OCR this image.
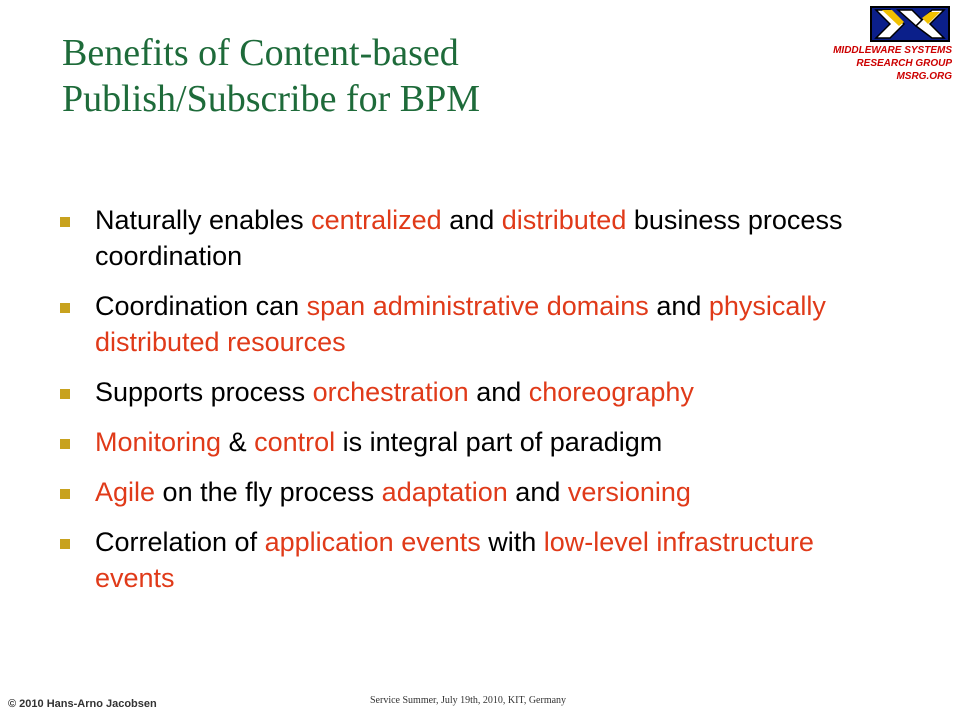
Benefits of Content-based
Publish/Subscribe for BPM
MIDDLEWARE SYSTEMS
RESEARCH GROUP
MSRG.ORG
Naturally enables centralized and distributed business process coordination
Coordination can span administrative domains and physically distributed resources
Supports process orchestration and choreography
Monitoring & control is integral part of paradigm
Agile on the fly process adaptation and versioning
Correlation of application events with low-level infrastructure events
© 2010 Hans-Arno Jacobsen	Service Summer, July 19th, 2010, KIT, Germany
